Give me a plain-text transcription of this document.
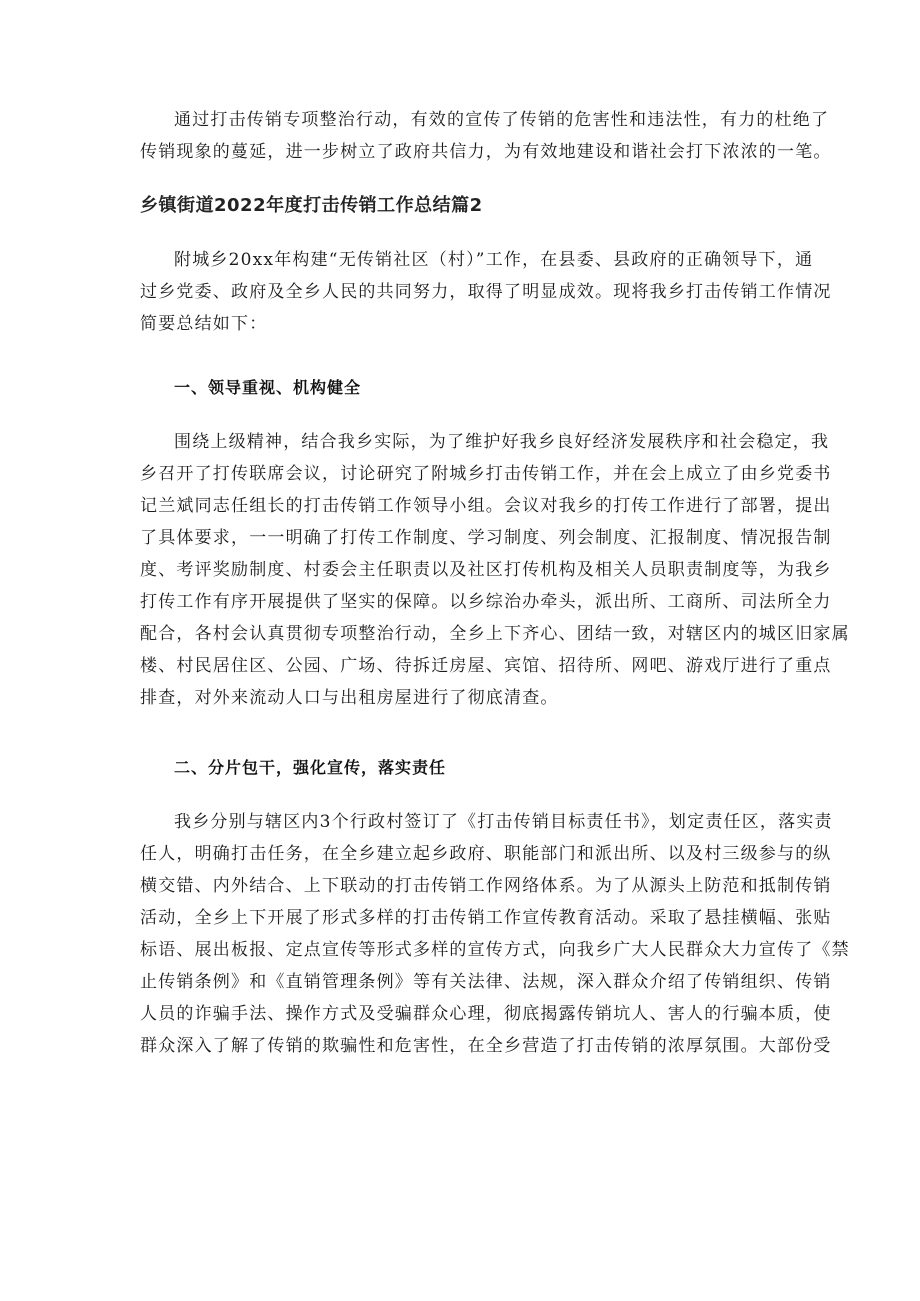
通过打击传销专项整治行动，有效的宣传了传销的危害性和违法性，有力的杜绝了
传销现象的蔓延，进一步树立了政府共信力，为有效地建设和谐社会打下浓浓的一笔。

乡镇街道2022年度打击传销工作总结篇2

附城乡20xx年构建“无传销社区（村）”工作，在县委、县政府的正确领导下，通
过乡党委、政府及全乡人民的共同努力，取得了明显成效。现将我乡打击传销工作情况
简要总结如下：

一、领导重视、机构健全

围绕上级精神，结合我乡实际，为了维护好我乡良好经济发展秩序和社会稳定，我
乡召开了打传联席会议，讨论研究了附城乡打击传销工作，并在会上成立了由乡党委书
记兰斌同志任组长的打击传销工作领导小组。会议对我乡的打传工作进行了部署，提出
了具体要求，一一明确了打传工作制度、学习制度、列会制度、汇报制度、情况报告制
度、考评奖励制度、村委会主任职责以及社区打传机构及相关人员职责制度等，为我乡
打传工作有序开展提供了坚实的保障。以乡综治办牵头，派出所、工商所、司法所全力
配合，各村会认真贯彻专项整治行动，全乡上下齐心、团结一致，对辖区内的城区旧家属
楼、村民居住区、公园、广场、待拆迁房屋、宾馆、招待所、网吧、游戏厅进行了重点
排查，对外来流动人口与出租房屋进行了彻底清查。

二、分片包干，强化宣传，落实责任

我乡分别与辖区内3个行政村签订了《打击传销目标责任书》，划定责任区，落实责
任人，明确打击任务，在全乡建立起乡政府、职能部门和派出所、以及村三级参与的纵
横交错、内外结合、上下联动的打击传销工作网络体系。为了从源头上防范和抵制传销
活动，全乡上下开展了形式多样的打击传销工作宣传教育活动。采取了悬挂横幅、张贴
标语、展出板报、定点宣传等形式多样的宣传方式，向我乡广大人民群众大力宣传了《禁
止传销条例》和《直销管理条例》等有关法律、法规，深入群众介绍了传销组织、传销
人员的诈骗手法、操作方式及受骗群众心理，彻底揭露传销坑人、害人的行骗本质，使
群众深入了解了传销的欺骗性和危害性，在全乡营造了打击传销的浓厚氛围。大部份受
